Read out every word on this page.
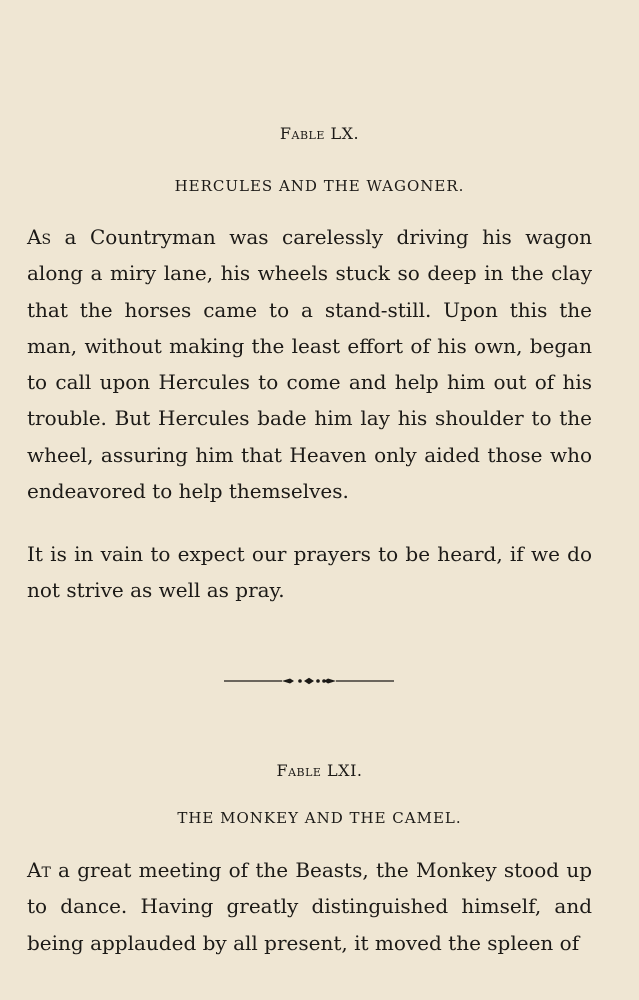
Fable LX.
HERCULES AND THE WAGONER.

As a Countryman was carelessly driving his wagon along a miry lane, his wheels stuck so deep in the clay that the horses came to a stand-still. Upon this the man, without making the least effort of his own, began to call upon Hercules to come and help him out of his trouble. But Hercules bade him lay his shoulder to the wheel, assuring him that Heaven only aided those who endeavored to help themselves.

It is in vain to expect our prayers to be heard, if we do not strive as well as pray.

Fable LXI.
THE MONKEY AND THE CAMEL.

At a great meeting of the Beasts, the Monkey stood up to dance. Having greatly distinguished himself, and being applauded by all present, it moved the spleen of
